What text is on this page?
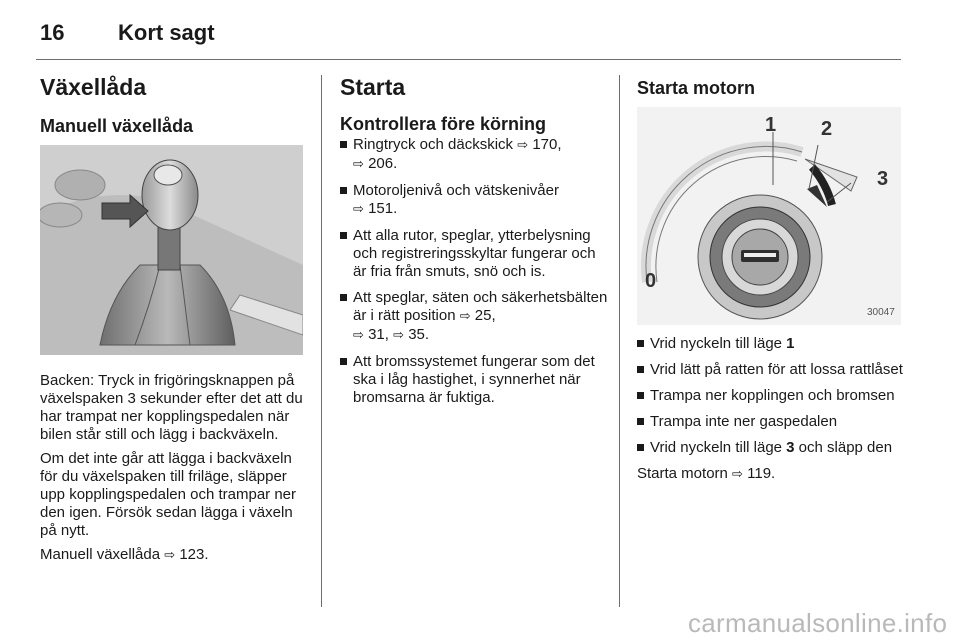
16 Kort sagt
Växellåda
Manuell växellåda

Backen: Tryck in frigöringsknappen på växelspaken 3 sekunder efter det att du har trampat ner kopplingspedalen när bilen står still och lägg i backväxeln.

Om det inte går att lägga i backväxeln för du växelspaken till friläge, släpper upp kopplingspedalen och trampar ner den igen. Försök sedan lägga i växeln på nytt.

Manuell växellåda ⇨ 123.

Starta
Kontrollera före körning
Ringtryck och däckskick ⇨ 170,
⇨ 206.
Motoroljenivå och vätskenivåer
⇨ 151.
Att alla rutor, speglar, ytterbelysning och registreringsskyltar fungerar och är fria från smuts, snö och is.
Att speglar, säten och säkerhetsbälten är i rätt position ⇨ 25,
⇨ 31, ⇨ 35.
Att bromssystemet fungerar som det ska i låg hastighet, i synnerhet när bromsarna är fuktiga.
Starta motorn
0
1 2
3
30047
Vrid nyckeln till läge 1
Vrid lätt på ratten för att lossa rattlåset
Trampa ner kopplingen och bromsen
Trampa inte ner gaspedalen
Vrid nyckeln till läge 3 och släpp den

Starta motorn ⇨ 119.

carmanualsonline.info
